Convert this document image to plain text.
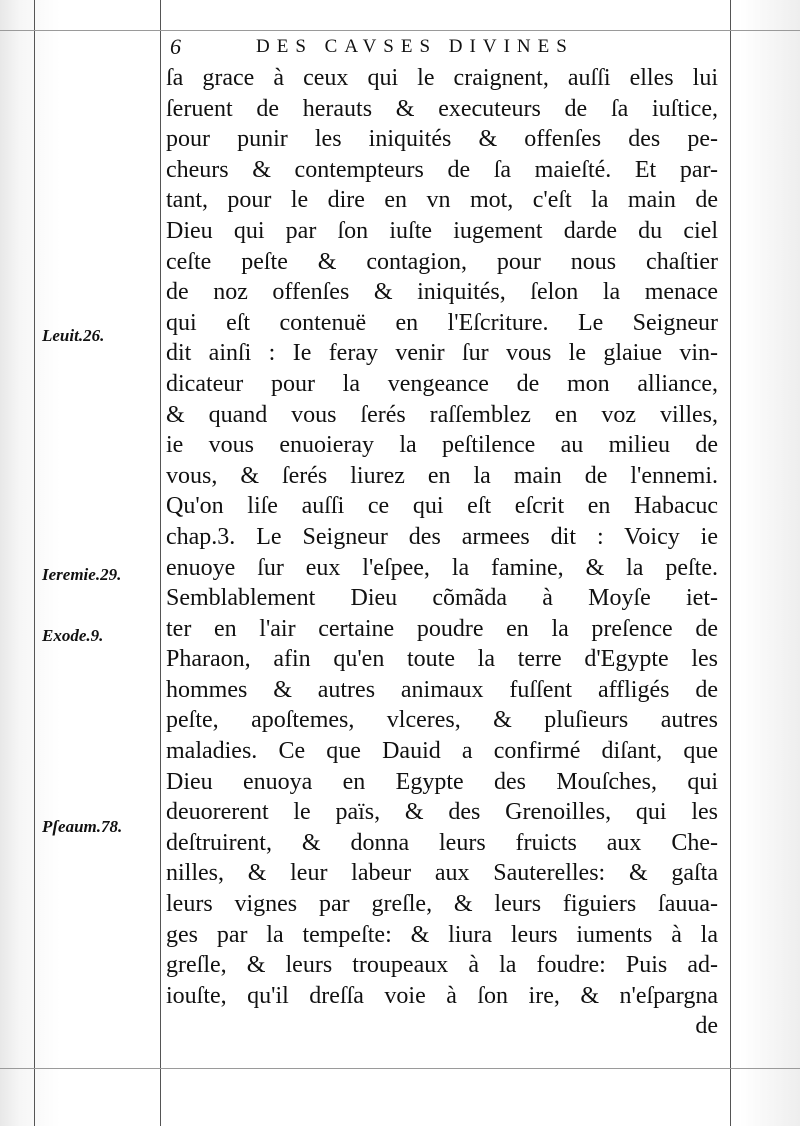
6	DES CAVSES DIVINES
ſa grace à ceux qui le craignent, auſſi elles lui
ſeruent de herauts & executeurs de ſa iuſtice,
pour punir les iniquités & offenſes des pe-
cheurs & contempteurs de ſa maieſté. Et par-
tant, pour le dire en vn mot, c'eſt la main de
Dieu qui par ſon iuſte iugement darde du ciel
ceſte peſte & contagion, pour nous chaſtier
de noz offenſes & iniquités, ſelon la menace
qui eſt contenuë en l'Eſcriture. Le Seigneur
dit ainſi : Ie feray venir ſur vous le glaiue vin-
dicateur pour la vengeance de mon alliance,
& quand vous ſerés raſſemblez en voz villes,
ie vous enuoieray la peſtilence au milieu de
vous, & ſerés liurez en la main de l'ennemi.
Qu'on liſe auſſi ce qui eſt eſcrit en Habacuc
chap.3. Le Seigneur des armees dit : Voicy ie
enuoye ſur eux l'eſpee, la famine, & la peſte.
Semblablement Dieu cõmãda à Moyſe iet-
ter en l'air certaine poudre en la preſence de
Pharaon, afin qu'en toute la terre d'Egypte les
hommes & autres animaux fuſſent affligés de
peſte, apoſtemes, vlceres, & pluſieurs autres
maladies. Ce que Dauid a confirmé diſant, que
Dieu enuoya en Egypte des Mouſches, qui
deuorerent le païs, & des Grenoilles, qui les
deſtruirent, & donna leurs fruicts aux Che-
nilles, & leur labeur aux Sauterelles: & gaſta
leurs vignes par greſle, & leurs figuiers ſauua-
ges par la tempeſte: & liura leurs iuments à la
greſle, & leurs troupeaux à la foudre: Puis ad-
iouſte, qu'il dreſſa voie à ſon ire, & n'eſpargna
de
Leuit.26.
Ieremie.29.
Exode.9.
Pſeaum.78.
